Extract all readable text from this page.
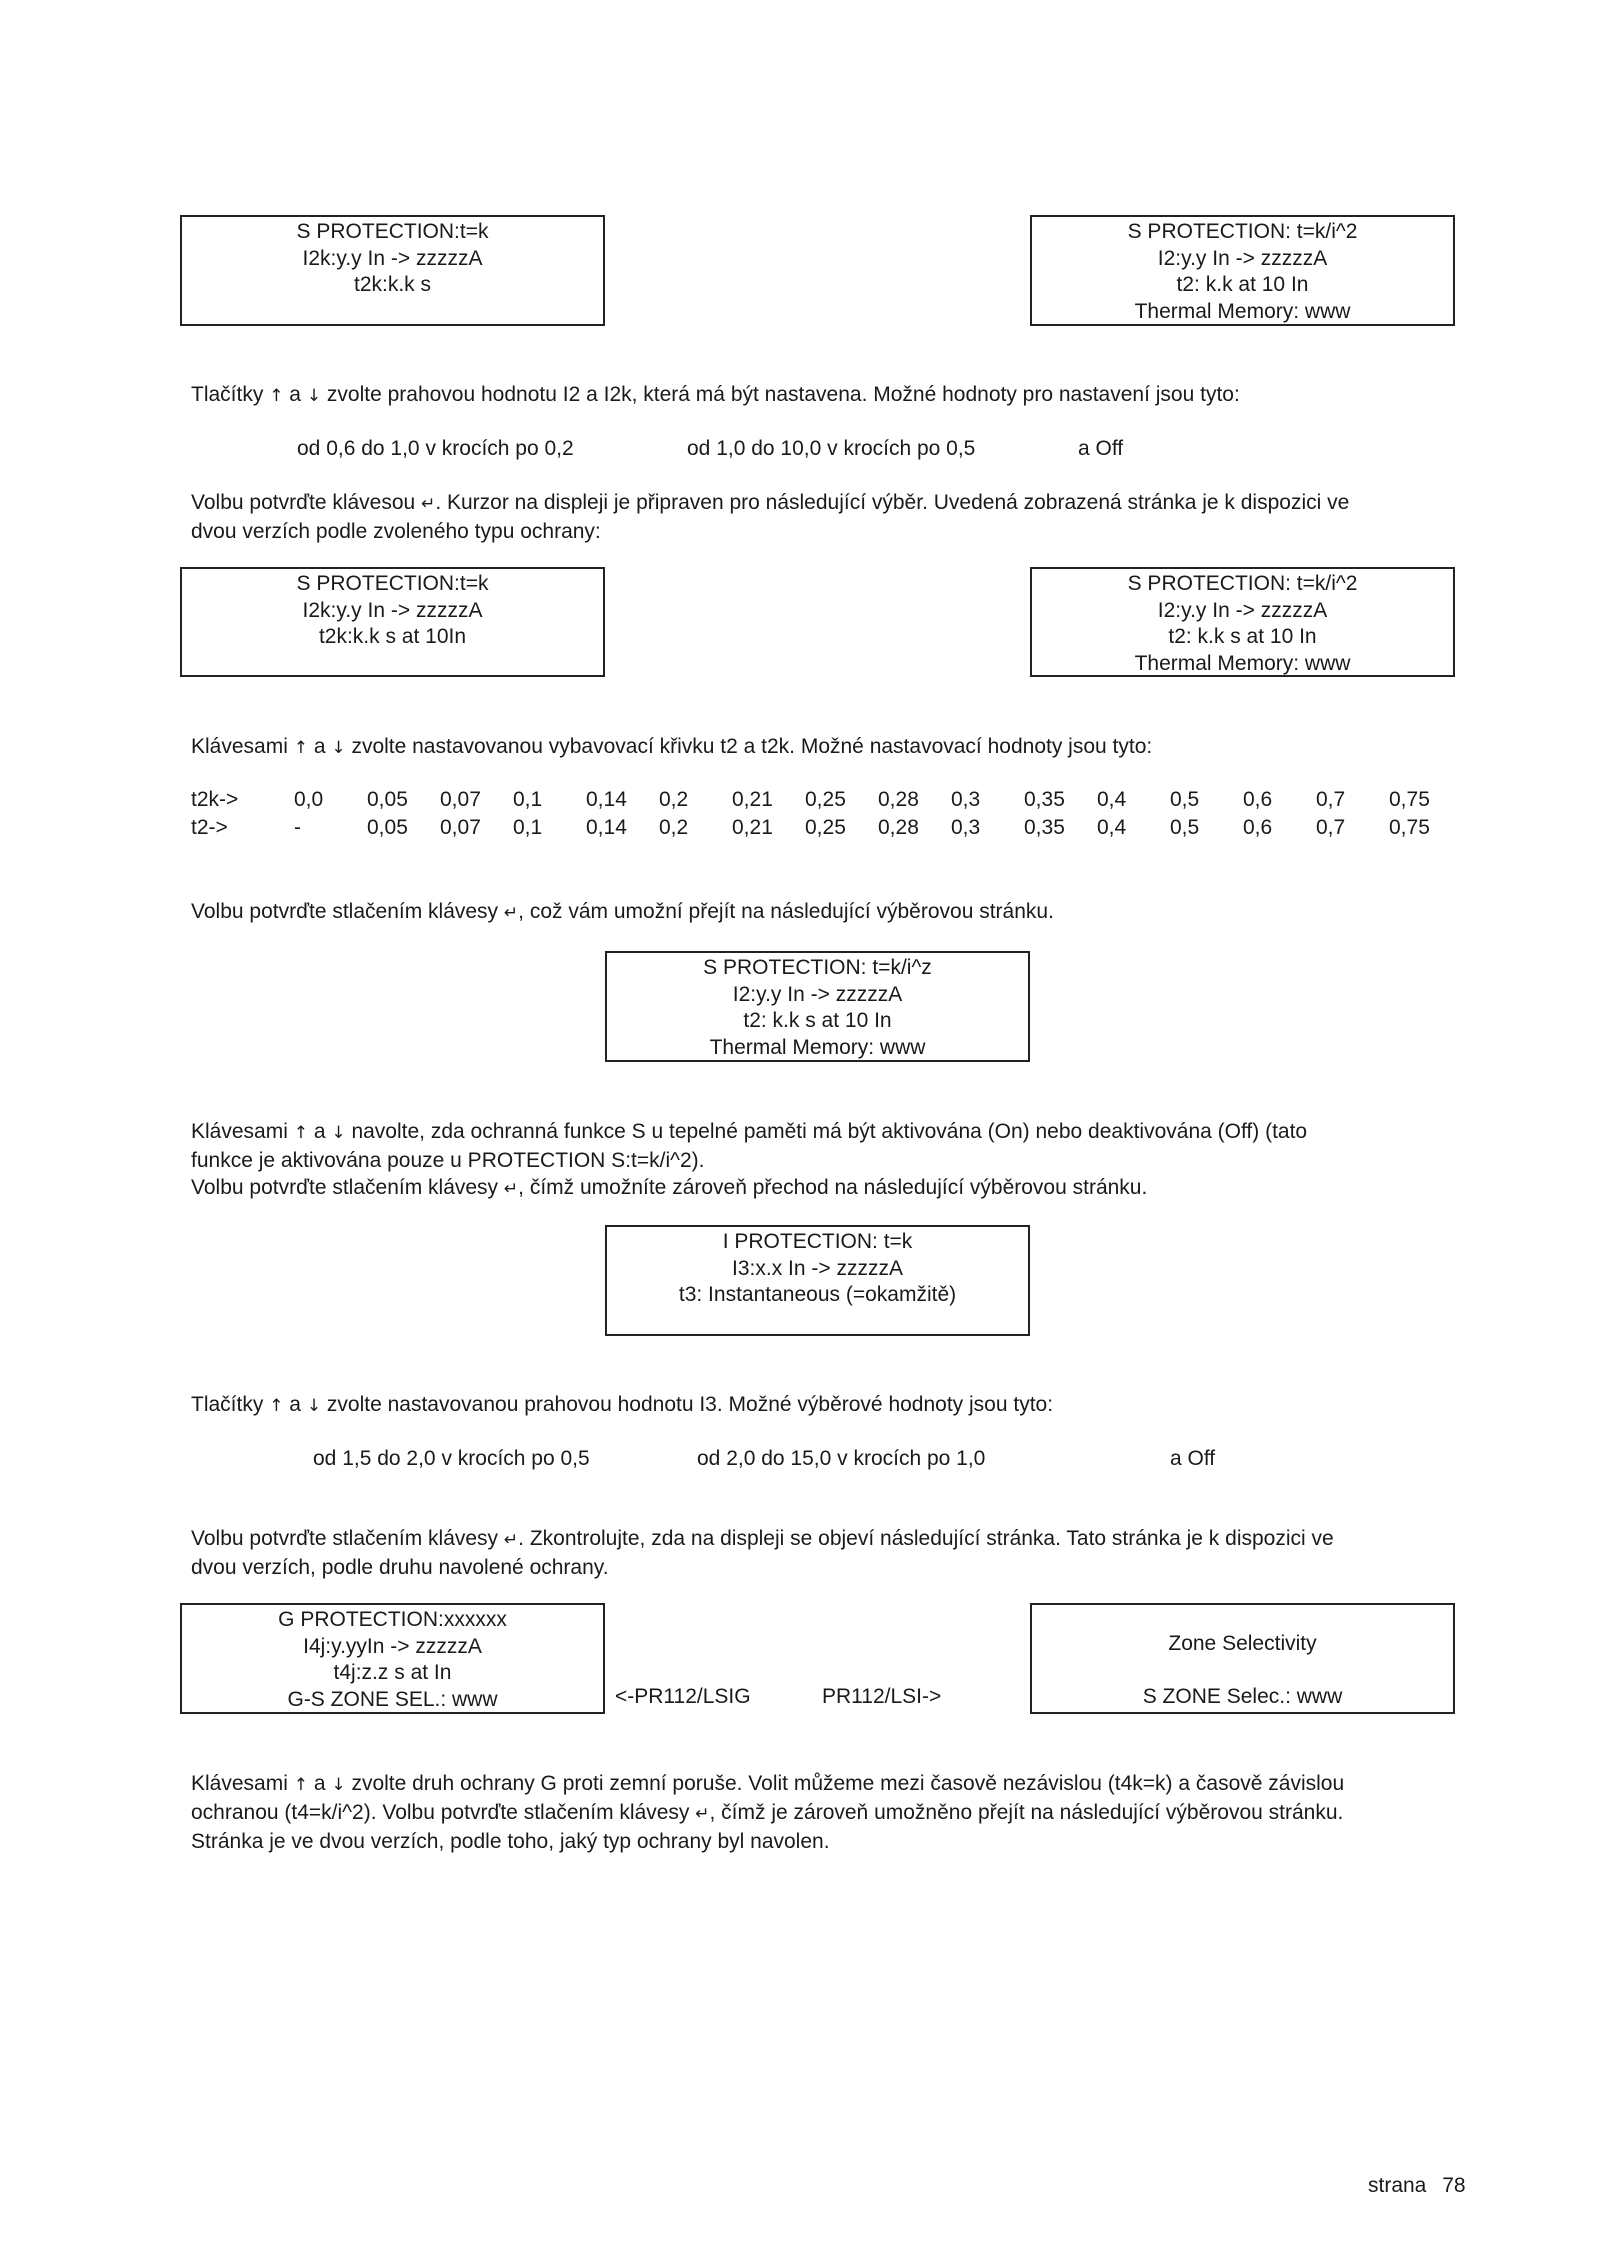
S PROTECTION:t=k
I2k:y.y In -> zzzzzA
t2k:k.k s
S PROTECTION: t=k/i^2
I2:y.y In -> zzzzzA
t2: k.k at 10 In
Thermal Memory: www
Tlačítky ↑ a ↓ zvolte prahovou hodnotu I2 a I2k, která má být nastavena. Možné hodnoty pro nastavení jsou tyto:
od 0,6 do 1,0 v krocích po 0,2	od 1,0 do 10,0 v krocích po 0,5	a Off
Volbu potvrďte klávesou ↵. Kurzor na displeji je připraven pro následující výběr. Uvedená zobrazená stránka je k dispozici ve
dvou verzích podle zvoleného typu ochrany:
S PROTECTION:t=k
I2k:y.y In -> zzzzzA
t2k:k.k s at 10In
S PROTECTION: t=k/i^2
I2:y.y In -> zzzzzA
t2: k.k s at 10 In
Thermal Memory: www
Klávesami ↑ a ↓ zvolte nastavovanou vybavovací křivku t2 a t2k. Možné nastavovací hodnoty jsou tyto:
t2k->	0,0 0,05 0,07 0,1 0,14 0,2 0,21 0,25 0,28 0,3 0,35 0,4 0,5 0,6 0,7 0,75
t2->	-	0,05 0,07 0,1 0,14 0,2 0,21 0,25 0,28 0,3 0,35 0,4 0,5 0,6 0,7 0,75
Volbu potvrďte stlačením klávesy ↵, což vám umožní přejít na následující výběrovou stránku.
S PROTECTION: t=k/i^z
I2:y.y In -> zzzzzA
t2: k.k s at 10 In
Thermal Memory: www
Klávesami ↑ a ↓ navolte, zda ochranná funkce S u tepelné paměti má být aktivována (On) nebo deaktivována (Off) (tato
funkce je aktivována pouze u PROTECTION S:t=k/i^2).
Volbu potvrďte stlačením klávesy ↵, čímž umožníte zároveň přechod na následující výběrovou stránku.
I PROTECTION: t=k
I3:x.x In -> zzzzzA
t3: Instantaneous (=okamžitě)
Tlačítky ↑ a ↓ zvolte nastavovanou prahovou hodnotu I3. Možné výběrové hodnoty jsou tyto:
od 1,5 do 2,0 v krocích po 0,5	od 2,0 do 15,0 v krocích po 1,0	a Off
Volbu potvrďte stlačením klávesy ↵. Zkontrolujte, zda na displeji se objeví následující stránka. Tato stránka je k dispozici ve
dvou verzích, podle druhu navolené ochrany.
G PROTECTION:xxxxxx
I4j:y.yyIn -> zzzzzA
t4j:z.z s at In
G-S ZONE SEL.: www	<-PR112/LSIG	PR112/LSI->
Zone Selectivity
S ZONE Selec.: www
Klávesami ↑ a ↓ zvolte druh ochrany G proti zemní poruše. Volit můžeme mezi časově nezávislou (t4k=k) a časově závislou
ochranou (t4=k/i^2). Volbu potvrďte stlačením klávesy ↵, čímž je zároveň umožněno přejít na následující výběrovou stránku.
Stránka je ve dvou verzích, podle toho, jaký typ ochrany byl navolen.
strana 78
